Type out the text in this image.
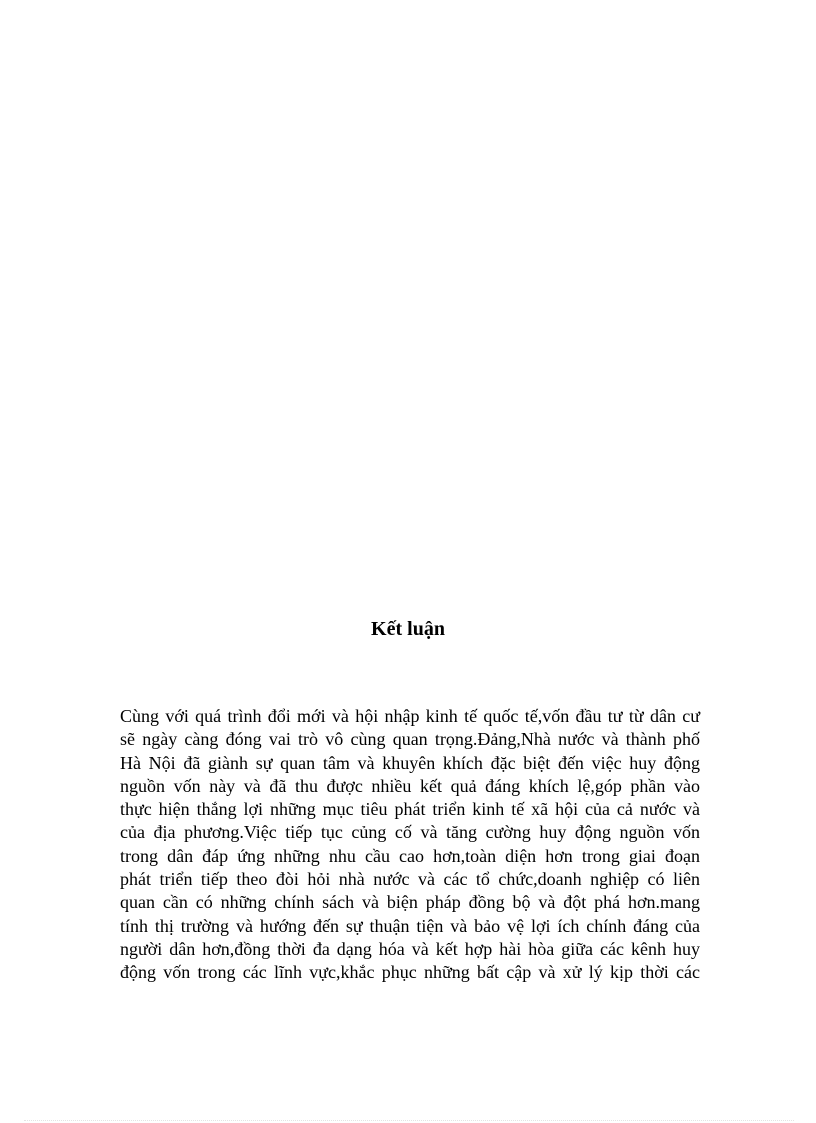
Kết luận
Cùng với quá trình đổi mới và hội nhập kinh tế quốc tế,vốn đầu tư từ dân cư
sẽ ngày càng đóng vai trò vô cùng quan trọng.Đảng,Nhà nước và thành phố
Hà Nội đã giành sự quan tâm và khuyên khích đặc biệt đến việc huy động
nguồn vốn này và đã thu được nhiều kết quả đáng khích lệ,góp phần vào
thực hiện thắng lợi những mục tiêu phát triển kinh tế xã hội của cả nước và
của địa phương.Việc tiếp tục củng cố và tăng cường huy động nguồn vốn
trong dân đáp ứng những nhu cầu cao hơn,toàn diện hơn trong giai đoạn
phát triển tiếp theo đòi hỏi nhà nước và các tổ chức,doanh nghiệp có liên
quan cần có những chính sách và biện pháp đồng bộ và đột phá hơn.mang
tính thị trường và hướng đến sự thuận tiện và bảo vệ lợi ích chính đáng của
người dân hơn,đồng thời đa dạng hóa và kết hợp hài hòa giữa các kênh huy
động vốn trong các lĩnh vực,khắc phục những bất cập và xử lý kịp thời các
